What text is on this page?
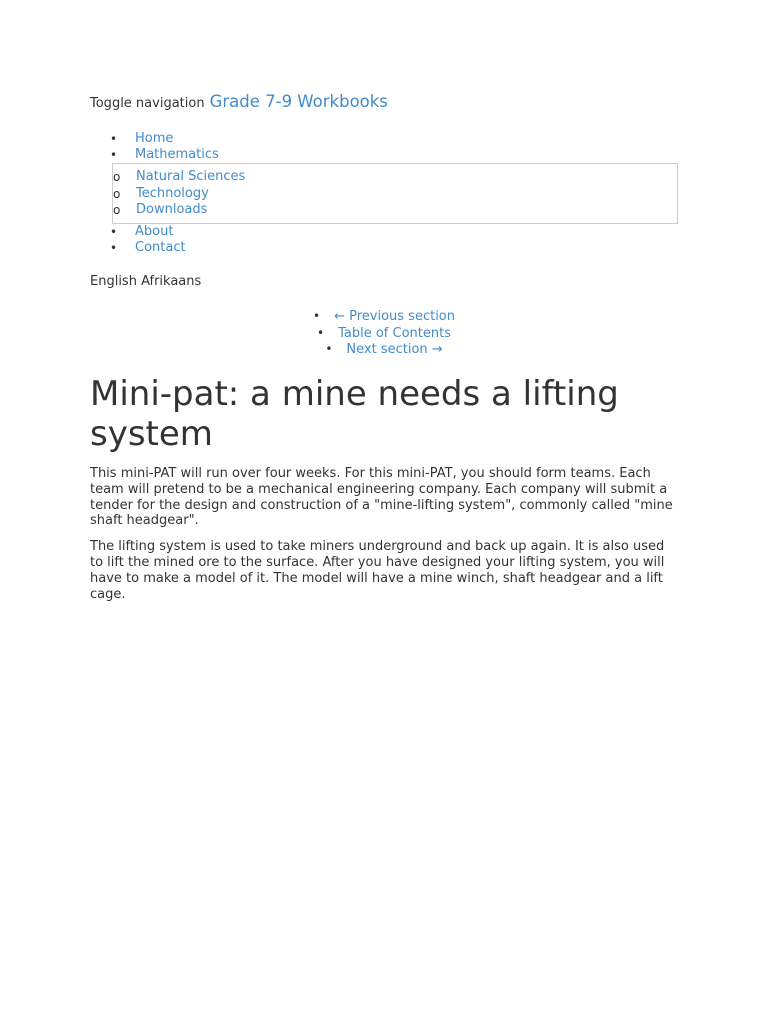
Toggle navigation Grade 7-9 Workbooks
• Home
• Mathematics
o Natural Sciences
o Technology
o Downloads
• About
• Contact
English Afrikaans
• ← Previous section
• Table of Contents
• Next section →
Mini-pat: a mine needs a lifting system

This mini-PAT will run over four weeks. For this mini-PAT, you should form teams. Each team will pretend to be a mechanical engineering company. Each company will submit a tender for the design and construction of a "mine-lifting system", commonly called "mine shaft headgear".

The lifting system is used to take miners underground and back up again. It is also used to lift the mined ore to the surface. After you have designed your lifting system, you will have to make a model of it. The model will have a mine winch, shaft headgear and a lift cage.
